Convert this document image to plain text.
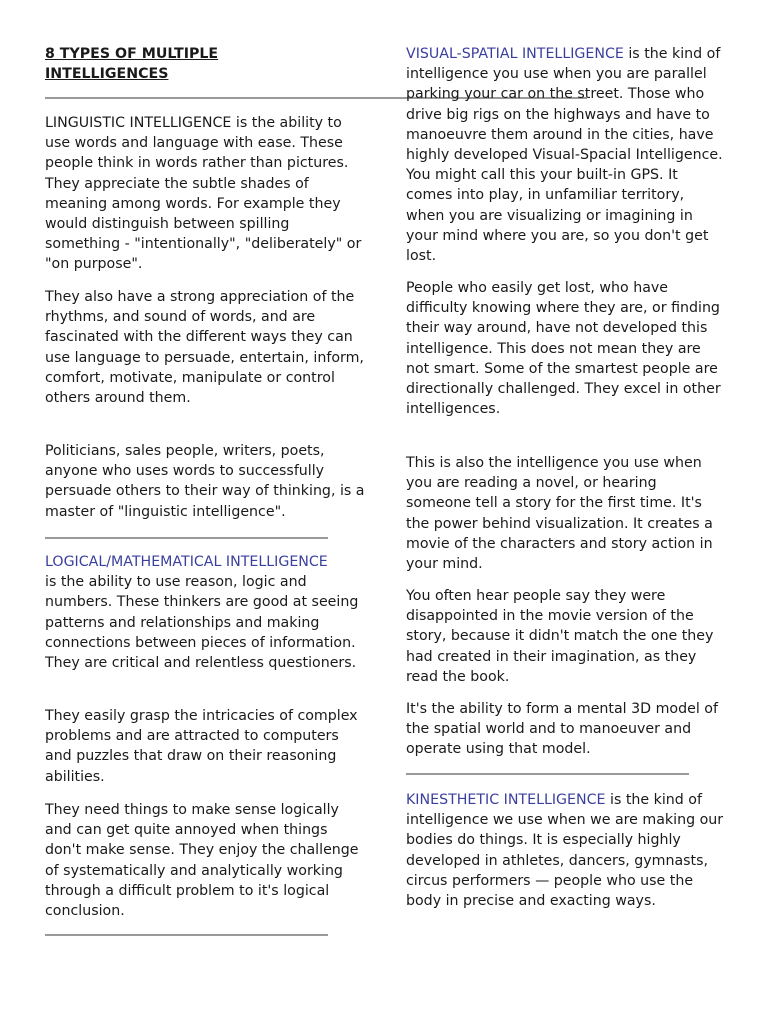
8 TYPES OF MULTIPLE INTELLIGENCES

LINGUISTIC INTELLIGENCE is the ability to use words and language with ease. These people think in words rather than pictures. They appreciate the subtle shades of meaning among words. For example they would distinguish between spilling something - "intentionally", "deliberately" or "on purpose".

They also have a strong appreciation of the rhythms, and sound of words, and are fascinated with the different ways they can use language to persuade, entertain, inform, comfort, motivate, manipulate or control others around them.

Politicians, sales people, writers, poets, anyone who uses words to successfully persuade others to their way of thinking, is a master of "linguistic intelligence".

LOGICAL/MATHEMATICAL INTELLIGENCE
is the ability to use reason, logic and numbers. These thinkers are good at seeing patterns and relationships and making connections between pieces of information. They are critical and relentless questioners.

They easily grasp the intricacies of complex problems and are attracted to computers and puzzles that draw on their reasoning abilities.

They need things to make sense logically and can get quite annoyed when things don't make sense. They enjoy the challenge of systematically and analytically working through a difficult problem to it's logical conclusion.

VISUAL-SPATIAL INTELLIGENCE is the kind of intelligence you use when you are parallel parking your car on the street. Those who drive big rigs on the highways and have to manoeuvre them around in the cities, have highly developed Visual-Spacial Intelligence. You might call this your built-in GPS. It comes into play, in unfamiliar territory, when you are visualizing or imagining in your mind where you are, so you don't get lost.

People who easily get lost, who have difficulty knowing where they are, or finding their way around, have not developed this intelligence. This does not mean they are not smart. Some of the smartest people are directionally challenged. They excel in other intelligences.

This is also the intelligence you use when you are reading a novel, or hearing someone tell a story for the first time. It's the power behind visualization. It creates a movie of the characters and story action in your mind.

You often hear people say they were disappointed in the movie version of the story, because it didn't match the one they had created in their imagination, as they read the book.

It's the ability to form a mental 3D model of the spatial world and to manoeuver and operate using that model.

KINESTHETIC INTELLIGENCE is the kind of intelligence we use when we are making our bodies do things. It is especially highly developed in athletes, dancers, gymnasts, circus performers — people who use the body in precise and exacting ways.
